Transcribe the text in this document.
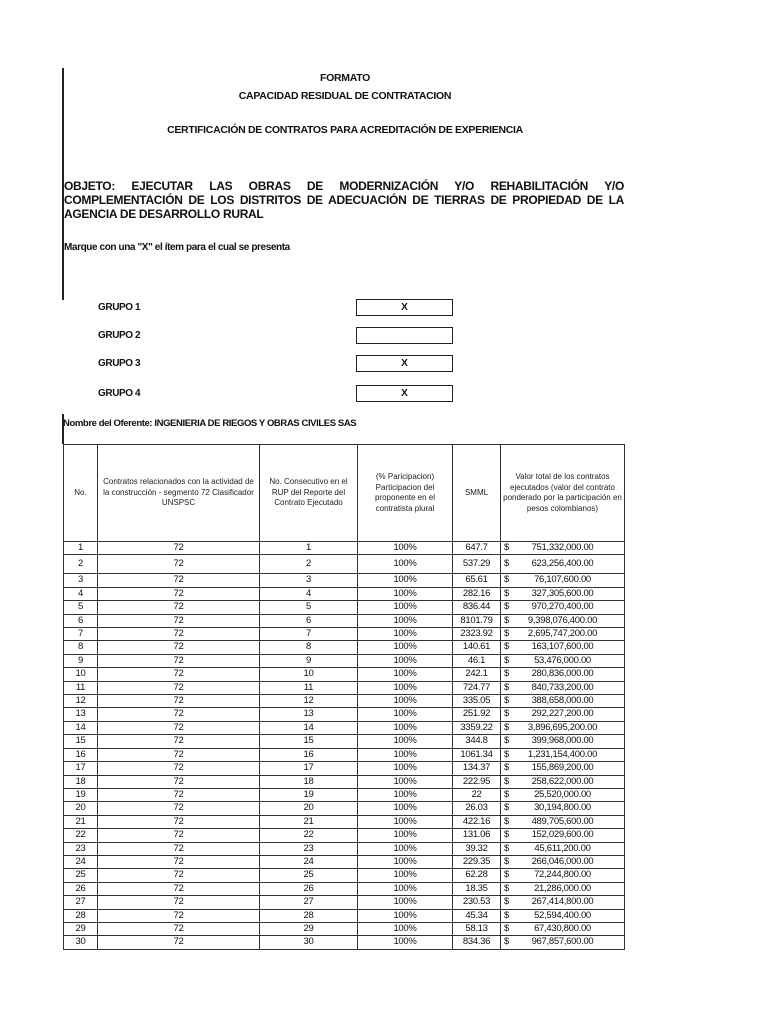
FORMATO
CAPACIDAD RESIDUAL DE CONTRATACION
CERTIFICACIÓN DE CONTRATOS PARA ACREDITACIÓN DE EXPERIENCIA
OBJETO: EJECUTAR LAS OBRAS DE MODERNIZACIÓN Y/O REHABILITACIÓN Y/O COMPLEMENTACIÓN DE LOS DISTRITOS DE ADECUACIÓN DE TIERRAS DE PROPIEDAD DE LA AGENCIA DE DESARROLLO RURAL
Marque con una "X" el ítem para el cual se presenta
GRUPO 1	X
GRUPO 2
GRUPO 3	X
GRUPO 4	X
Nombre del Oferente: INGENIERIA DE RIEGOS Y OBRAS CIVILES SAS
No.	Contratos relacionados con la actividad de la construcción - segmento 72 Clasificador UNSPSC	No. Consecutivo en el RUP del Reporte del Contrato Ejecutado	(% Paricipacion) Participacion del proponente en el contratista plural	SMML	Valor total de los contratos ejecutados (valor del contrato ponderado por la participación en pesos colombianos)
1	72	1	100%	647.7	$ 751,332,000.00
2	72	2	100%	537.29	$ 623,256,400.00
3	72	3	100%	65.61	$ 76,107,600.00
4	72	4	100%	282.16	$ 327,305,600.00
5	72	5	100%	836.44	$ 970,270,400.00
6	72	6	100%	8101.79	$ 9,398,076,400.00
7	72	7	100%	2323.92	$ 2,695,747,200.00
8	72	8	100%	140.61	$ 163,107,600.00
9	72	9	100%	46.1	$ 53,476,000.00
10	72	10	100%	242.1	$ 280,836,000.00
11	72	11	100%	724.77	$ 840,733,200.00
12	72	12	100%	335.05	$ 388,658,000.00
13	72	13	100%	251.92	$ 292,227,200.00
14	72	14	100%	3359.22	$ 3,896,695,200.00
15	72	15	100%	344.8	$ 399,968,000.00
16	72	16	100%	1061.34	$ 1,231,154,400.00
17	72	17	100%	134.37	$ 155,869,200.00
18	72	18	100%	222.95	$ 258,622,000.00
19	72	19	100%	22	$ 25,520,000.00
20	72	20	100%	26.03	$ 30,194,800.00
21	72	21	100%	422.16	$ 489,705,600.00
22	72	22	100%	131.06	$ 152,029,600.00
23	72	23	100%	39.32	$ 45,611,200.00
24	72	24	100%	229.35	$ 266,046,000.00
25	72	25	100%	62.28	$ 72,244,800.00
26	72	26	100%	18.35	$ 21,286,000.00
27	72	27	100%	230.53	$ 267,414,800.00
28	72	28	100%	45.34	$ 52,594,400.00
29	72	29	100%	58.13	$ 67,430,800.00
30	72	30	100%	834.36	$ 967,857,600.00
